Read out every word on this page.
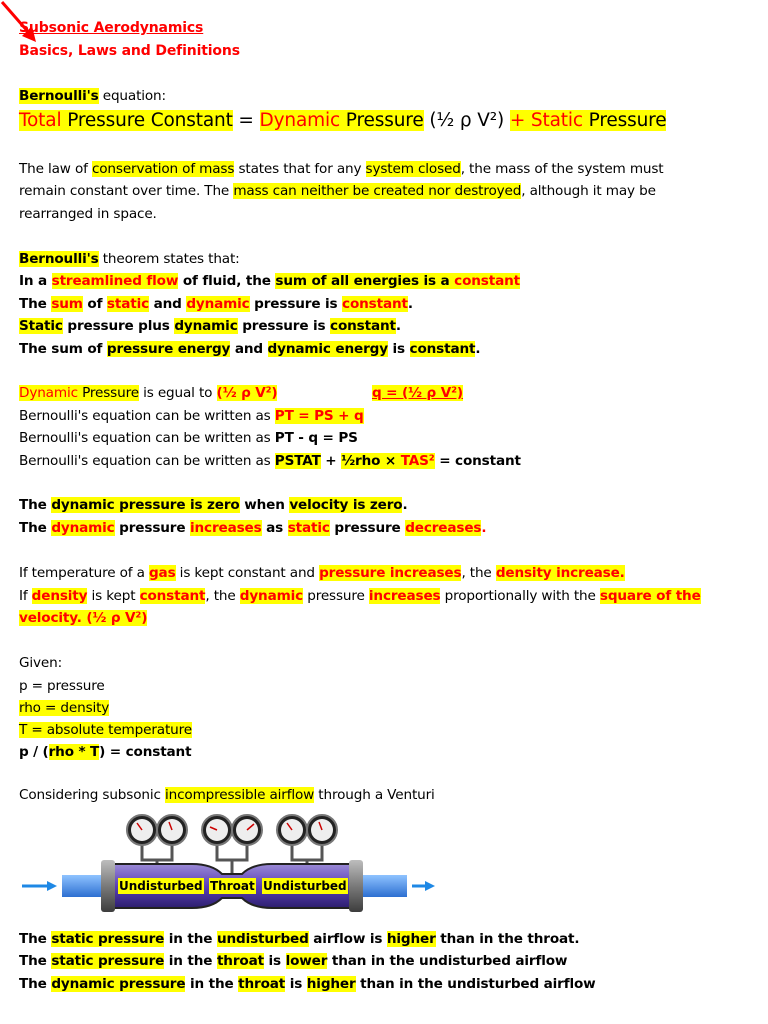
Subsonic Aerodynamics
Basics, Laws and Definitions
Bernoulli's equation:
Total Pressure Constant = Dynamic Pressure (½ ρ V²) + Static Pressure
The law of conservation of mass states that for any system closed, the mass of the system must
remain constant over time. The mass can neither be created nor destroyed, although it may be
rearranged in space.
Bernoulli's theorem states that:
In a streamlined flow of fluid, the sum of all energies is a constant
The sum of static and dynamic pressure is constant.
Static pressure plus dynamic pressure is constant.
The sum of pressure energy and dynamic energy is constant.
Dynamic Pressure is egual to (½ ρ V²)	q = (½ ρ V²)
Bernoulli's equation can be written as PT = PS + q
Bernoulli's equation can be written as PT - q = PS
Bernoulli's equation can be written as PSTAT + ½rho × TAS² = constant
The dynamic pressure is zero when velocity is zero.
The dynamic pressure increases as static pressure decreases.
If temperature of a gas is kept constant and pressure increases, the density increase.
If density is kept constant, the dynamic pressure increases proportionally with the square of the
velocity. (½ ρ V²)
Given:
p = pressure
rho = density
T = absolute temperature
p / (rho * T) = constant
Considering subsonic incompressible airflow through a Venturi
Undisturbed Throat Undisturbed
The static pressure in the undisturbed airflow is higher than in the throat.
The static pressure in the throat is lower than in the undisturbed airflow
The dynamic pressure in the throat is higher than in the undisturbed airflow
